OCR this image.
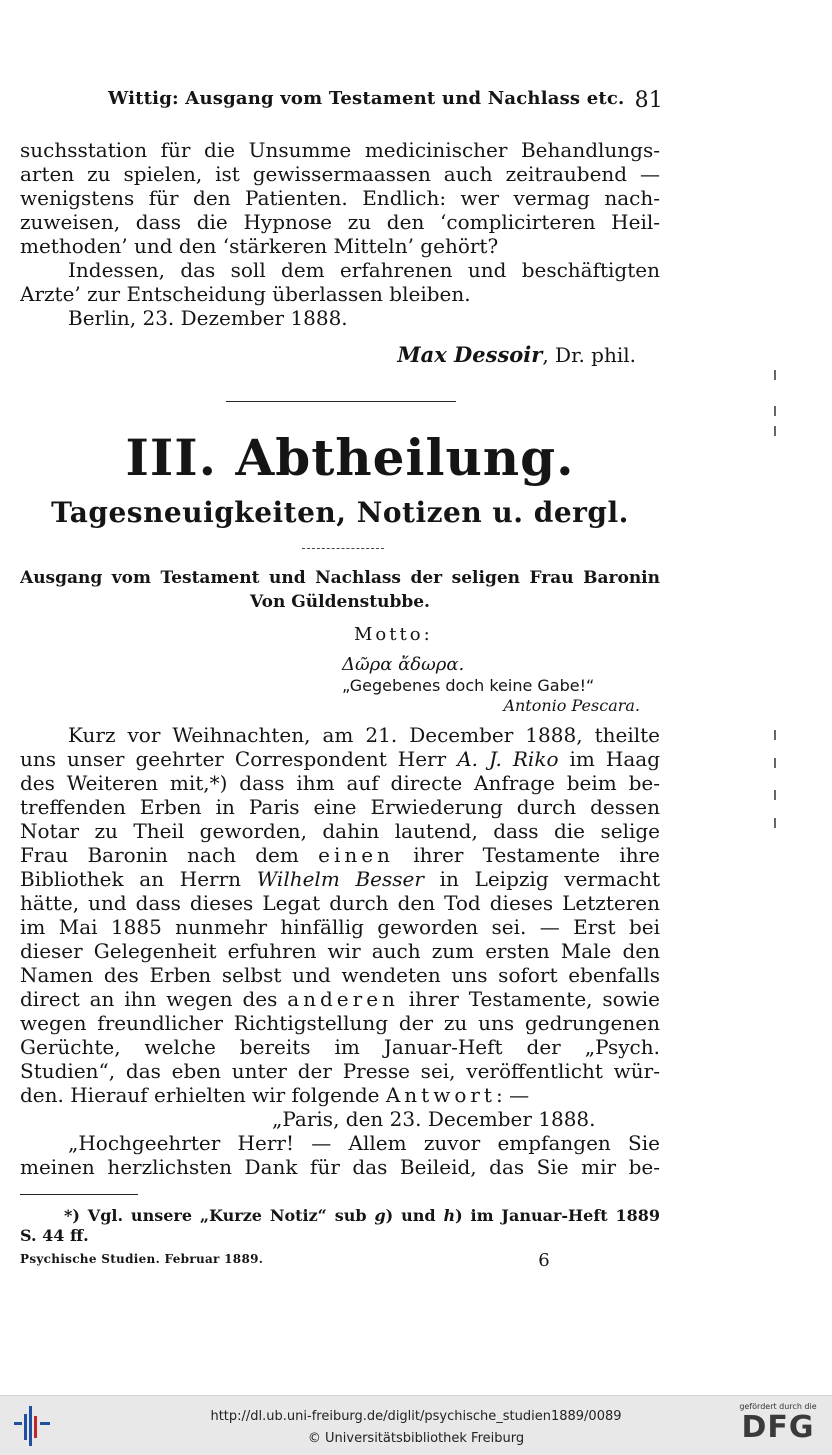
Wittig: Ausgang vom Testament und Nachlass etc. 81
suchsstation für die Unsumme medicinischer Behandlungs-
arten zu spielen, ist gewissermaassen auch zeitraubend —
wenigstens für den Patienten. Endlich: wer vermag nach-
zuweisen, dass die Hypnose zu den ‘complicirteren Heil-
methoden’ und den ‘stärkeren Mitteln’ gehört?
Indessen, das soll dem erfahrenen und beschäftigten
Arzte’ zur Entscheidung überlassen bleiben.
Berlin, 23. Dezember 1888.
Max Dessoir, Dr. phil.
III. Abtheilung.
Tagesneuigkeiten, Notizen u. dergl.
Ausgang vom Testament und Nachlass der seligen Frau Baronin
Von Güldenstubbe.
Motto:
Δῶρα ἄδωρα.
„Gegebenes doch keine Gabe!“
Antonio Pescara.
Kurz vor Weihnachten, am 21. December 1888, theilte
uns unser geehrter Correspondent Herr A. J. Riko im Haag
des Weiteren mit,*) dass ihm auf directe Anfrage beim be-
treffenden Erben in Paris eine Erwiederung durch dessen
Notar zu Theil geworden, dahin lautend, dass die selige
Frau Baronin nach dem einen ihrer Testamente ihre
Bibliothek an Herrn Wilhelm Besser in Leipzig vermacht
hätte, und dass dieses Legat durch den Tod dieses Letzteren
im Mai 1885 nunmehr hinfällig geworden sei. — Erst bei
dieser Gelegenheit erfuhren wir auch zum ersten Male den
Namen des Erben selbst und wendeten uns sofort ebenfalls
direct an ihn wegen des anderen ihrer Testamente, sowie
wegen freundlicher Richtigstellung der zu uns gedrungenen
Gerüchte, welche bereits im Januar-Heft der „Psych.
Studien“, das eben unter der Presse sei, veröffentlicht wür-
den. Hierauf erhielten wir folgende Antwort: —
„Paris, den 23. December 1888.
„Hochgeehrter Herr! — Allem zuvor empfangen Sie
meinen herzlichsten Dank für das Beileid, das Sie mir be-
*) Vgl. unsere „Kurze Notiz“ sub g) und h) im Januar-Heft 1889
S. 44 ff.
Psychische Studien. Februar 1889.	6
http://dl.ub.uni-freiburg.de/diglit/psychische_studien1889/0089
© Universitätsbibliothek Freiburg
gefördert durch die
DFG
